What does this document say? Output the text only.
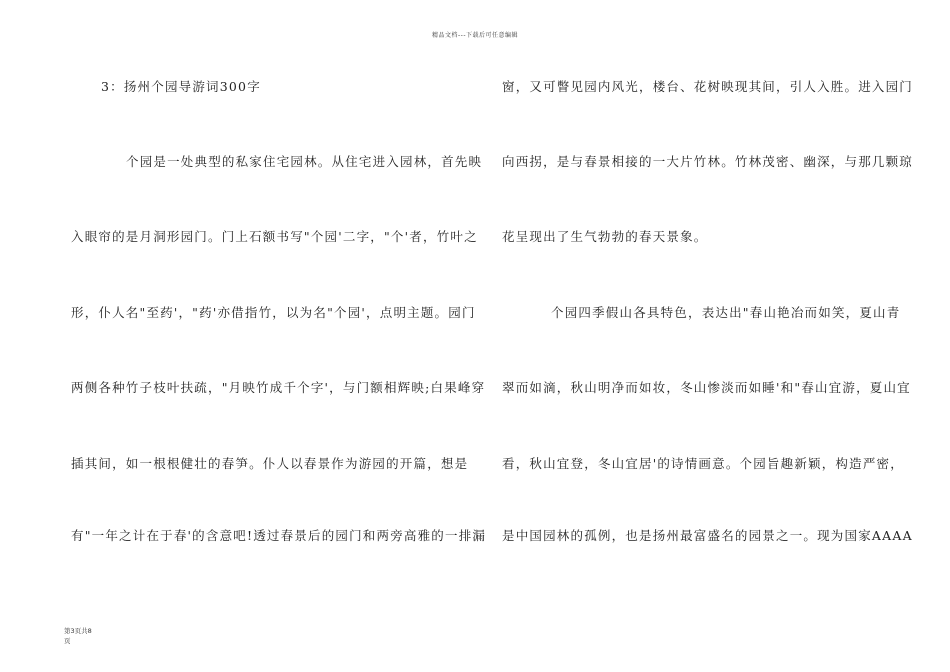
精品文档---下载后可任意编辑
3：扬州个园导游词300字
个园是一处典型的私家住宅园林。从住宅进入园林，首先映
入眼帘的是月洞形园门。门上石额书写"个园'二字，"个'者，竹叶之
形，仆人名"至药'，"药'亦借指竹，以为名"个园'，点明主题。园门
两侧各种竹子枝叶扶疏，"月映竹成千个字'，与门额相辉映;白果峰穿
插其间，如一根根健壮的春笋。仆人以春景作为游园的开篇，想是
有"一年之计在于春'的含意吧!透过春景后的园门和两旁高雅的一排漏
窗，又可瞥见园内风光，楼台、花树映现其间，引人入胜。进入园门
向西拐，是与春景相接的一大片竹林。竹林茂密、幽深，与那几颗琼
花呈现出了生气勃勃的春天景象。
个园四季假山各具特色，表达出"春山艳冶而如笑，夏山青
翠而如滴，秋山明净而如妆，冬山惨淡而如睡'和"春山宜游，夏山宜
看，秋山宜登，冬山宜居'的诗情画意。个园旨趣新颖，构造严密，
是中国园林的孤例，也是扬州最富盛名的园景之一。现为国家AAAA
第3页共8
页
